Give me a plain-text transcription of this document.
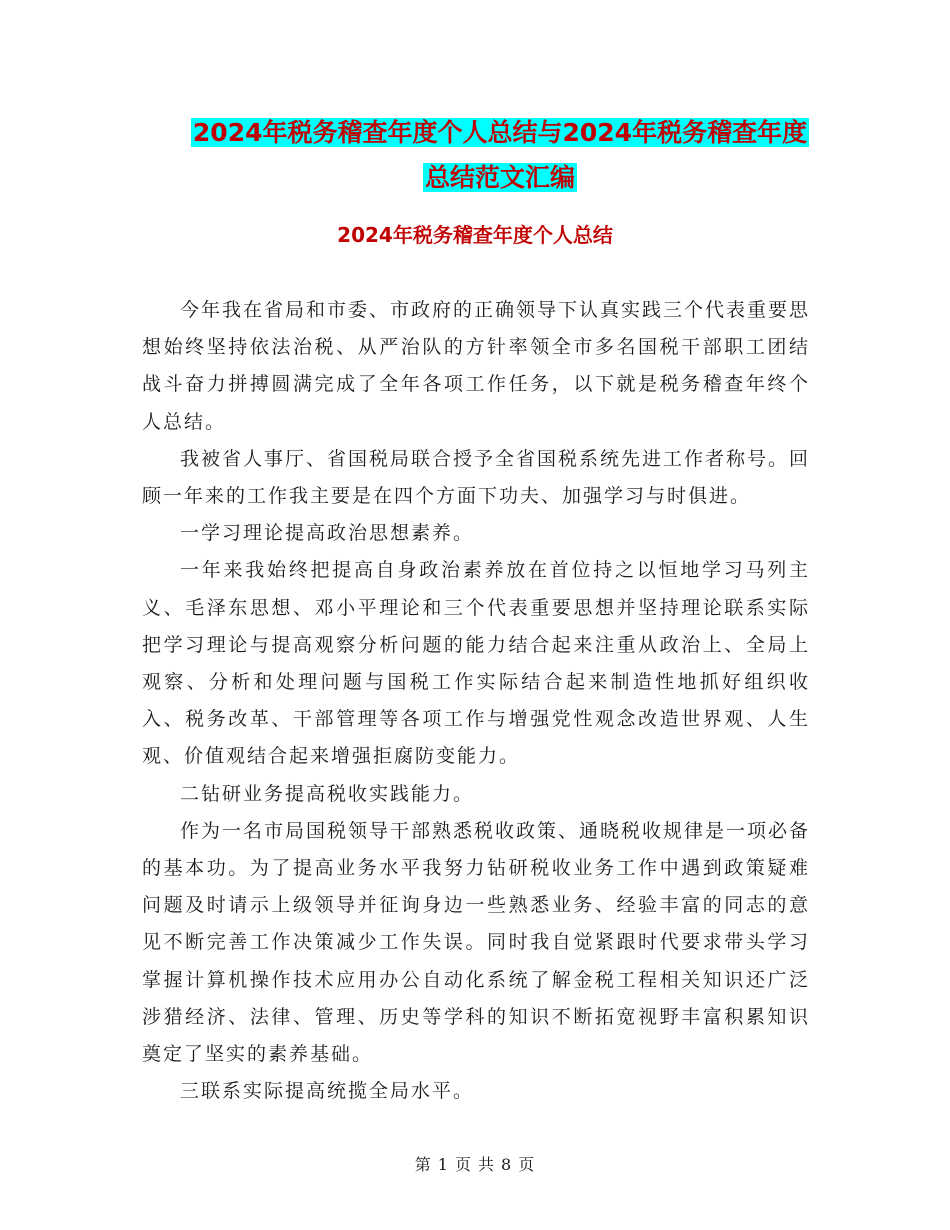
2024年税务稽查年度个人总结与2024年税务稽查年度
总结范文汇编
2024年税务稽查年度个人总结

今年我在省局和市委、市政府的正确领导下认真实践三个代表重要思想始终坚持依法治税、从严治队的方针率领全市多名国税干部职工团结战斗奋力拼搏圆满完成了全年各项工作任务，以下就是税务稽查年终个人总结。

我被省人事厅、省国税局联合授予全省国税系统先进工作者称号。回顾一年来的工作我主要是在四个方面下功夫、加强学习与时俱进。

一学习理论提高政治思想素养。

一年来我始终把提高自身政治素养放在首位持之以恒地学习马列主义、毛泽东思想、邓小平理论和三个代表重要思想并坚持理论联系实际把学习理论与提高观察分析问题的能力结合起来注重从政治上、全局上观察、分析和处理问题与国税工作实际结合起来制造性地抓好组织收入、税务改革、干部管理等各项工作与增强党性观念改造世界观、人生观、价值观结合起来增强拒腐防变能力。

二钻研业务提高税收实践能力。

作为一名市局国税领导干部熟悉税收政策、通晓税收规律是一项必备的基本功。为了提高业务水平我努力钻研税收业务工作中遇到政策疑难问题及时请示上级领导并征询身边一些熟悉业务、经验丰富的同志的意见不断完善工作决策减少工作失误。同时我自觉紧跟时代要求带头学习掌握计算机操作技术应用办公自动化系统了解金税工程相关知识还广泛涉猎经济、法律、管理、历史等学科的知识不断拓宽视野丰富积累知识奠定了坚实的素养基础。

三联系实际提高统揽全局水平。

第 1 页 共 8 页
